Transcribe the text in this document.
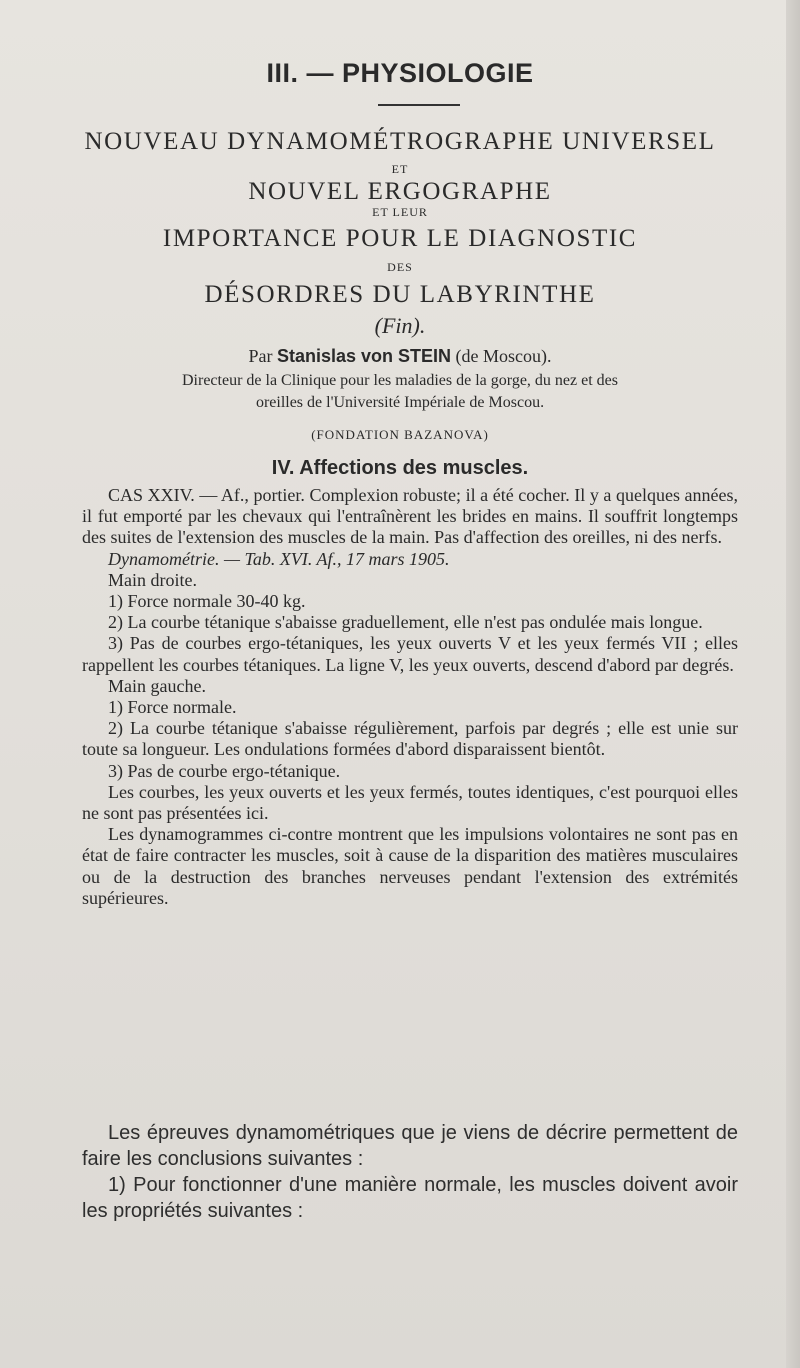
III. — PHYSIOLOGIE
NOUVEAU DYNAMOMÉTROGRAPHE UNIVERSEL
ET
NOUVEL ERGOGRAPHE
ET LEUR
IMPORTANCE POUR LE DIAGNOSTIC
DES
DÉSORDRES DU LABYRINTHE
(Fin).
Par Stanislas von STEIN (de Moscou).
Directeur de la Clinique pour les maladies de la gorge, du nez et des
oreilles de l'Université Impériale de Moscou.
(FONDATION BAZANOVA)
IV. Affections des muscles.

CAS XXIV. — Af., portier. Complexion robuste; il a été cocher. Il y a quelques années, il fut emporté par les chevaux qui l'entraînèrent les brides en mains. Il souffrit longtemps des suites de l'extension des muscles de la main. Pas d'affection des oreilles, ni des nerfs.

Dynamométrie. — Tab. XVI. Af., 17 mars 1905.

Main droite.

1) Force normale 30-40 kg.

2) La courbe tétanique s'abaisse graduellement, elle n'est pas ondulée mais longue.

3) Pas de courbes ergo-tétaniques, les yeux ouverts V et les yeux fermés VII ; elles rappellent les courbes tétaniques. La ligne V, les yeux ouverts, descend d'abord par degrés.

Main gauche.

1) Force normale.

2) La courbe tétanique s'abaisse régulièrement, parfois par degrés ; elle est unie sur toute sa longueur. Les ondulations formées d'abord disparaissent bientôt.

3) Pas de courbe ergo-tétanique.

Les courbes, les yeux ouverts et les yeux fermés, toutes identiques, c'est pourquoi elles ne sont pas présentées ici.

Les dynamogrammes ci-contre montrent que les impulsions volontaires ne sont pas en état de faire contracter les muscles, soit à cause de la disparition des matières musculaires ou de la destruction des branches nerveuses pendant l'extension des extrémités supérieures.

Les épreuves dynamométriques que je viens de décrire permettent de faire les conclusions suivantes :

1) Pour fonctionner d'une manière normale, les muscles doivent avoir les propriétés suivantes :
